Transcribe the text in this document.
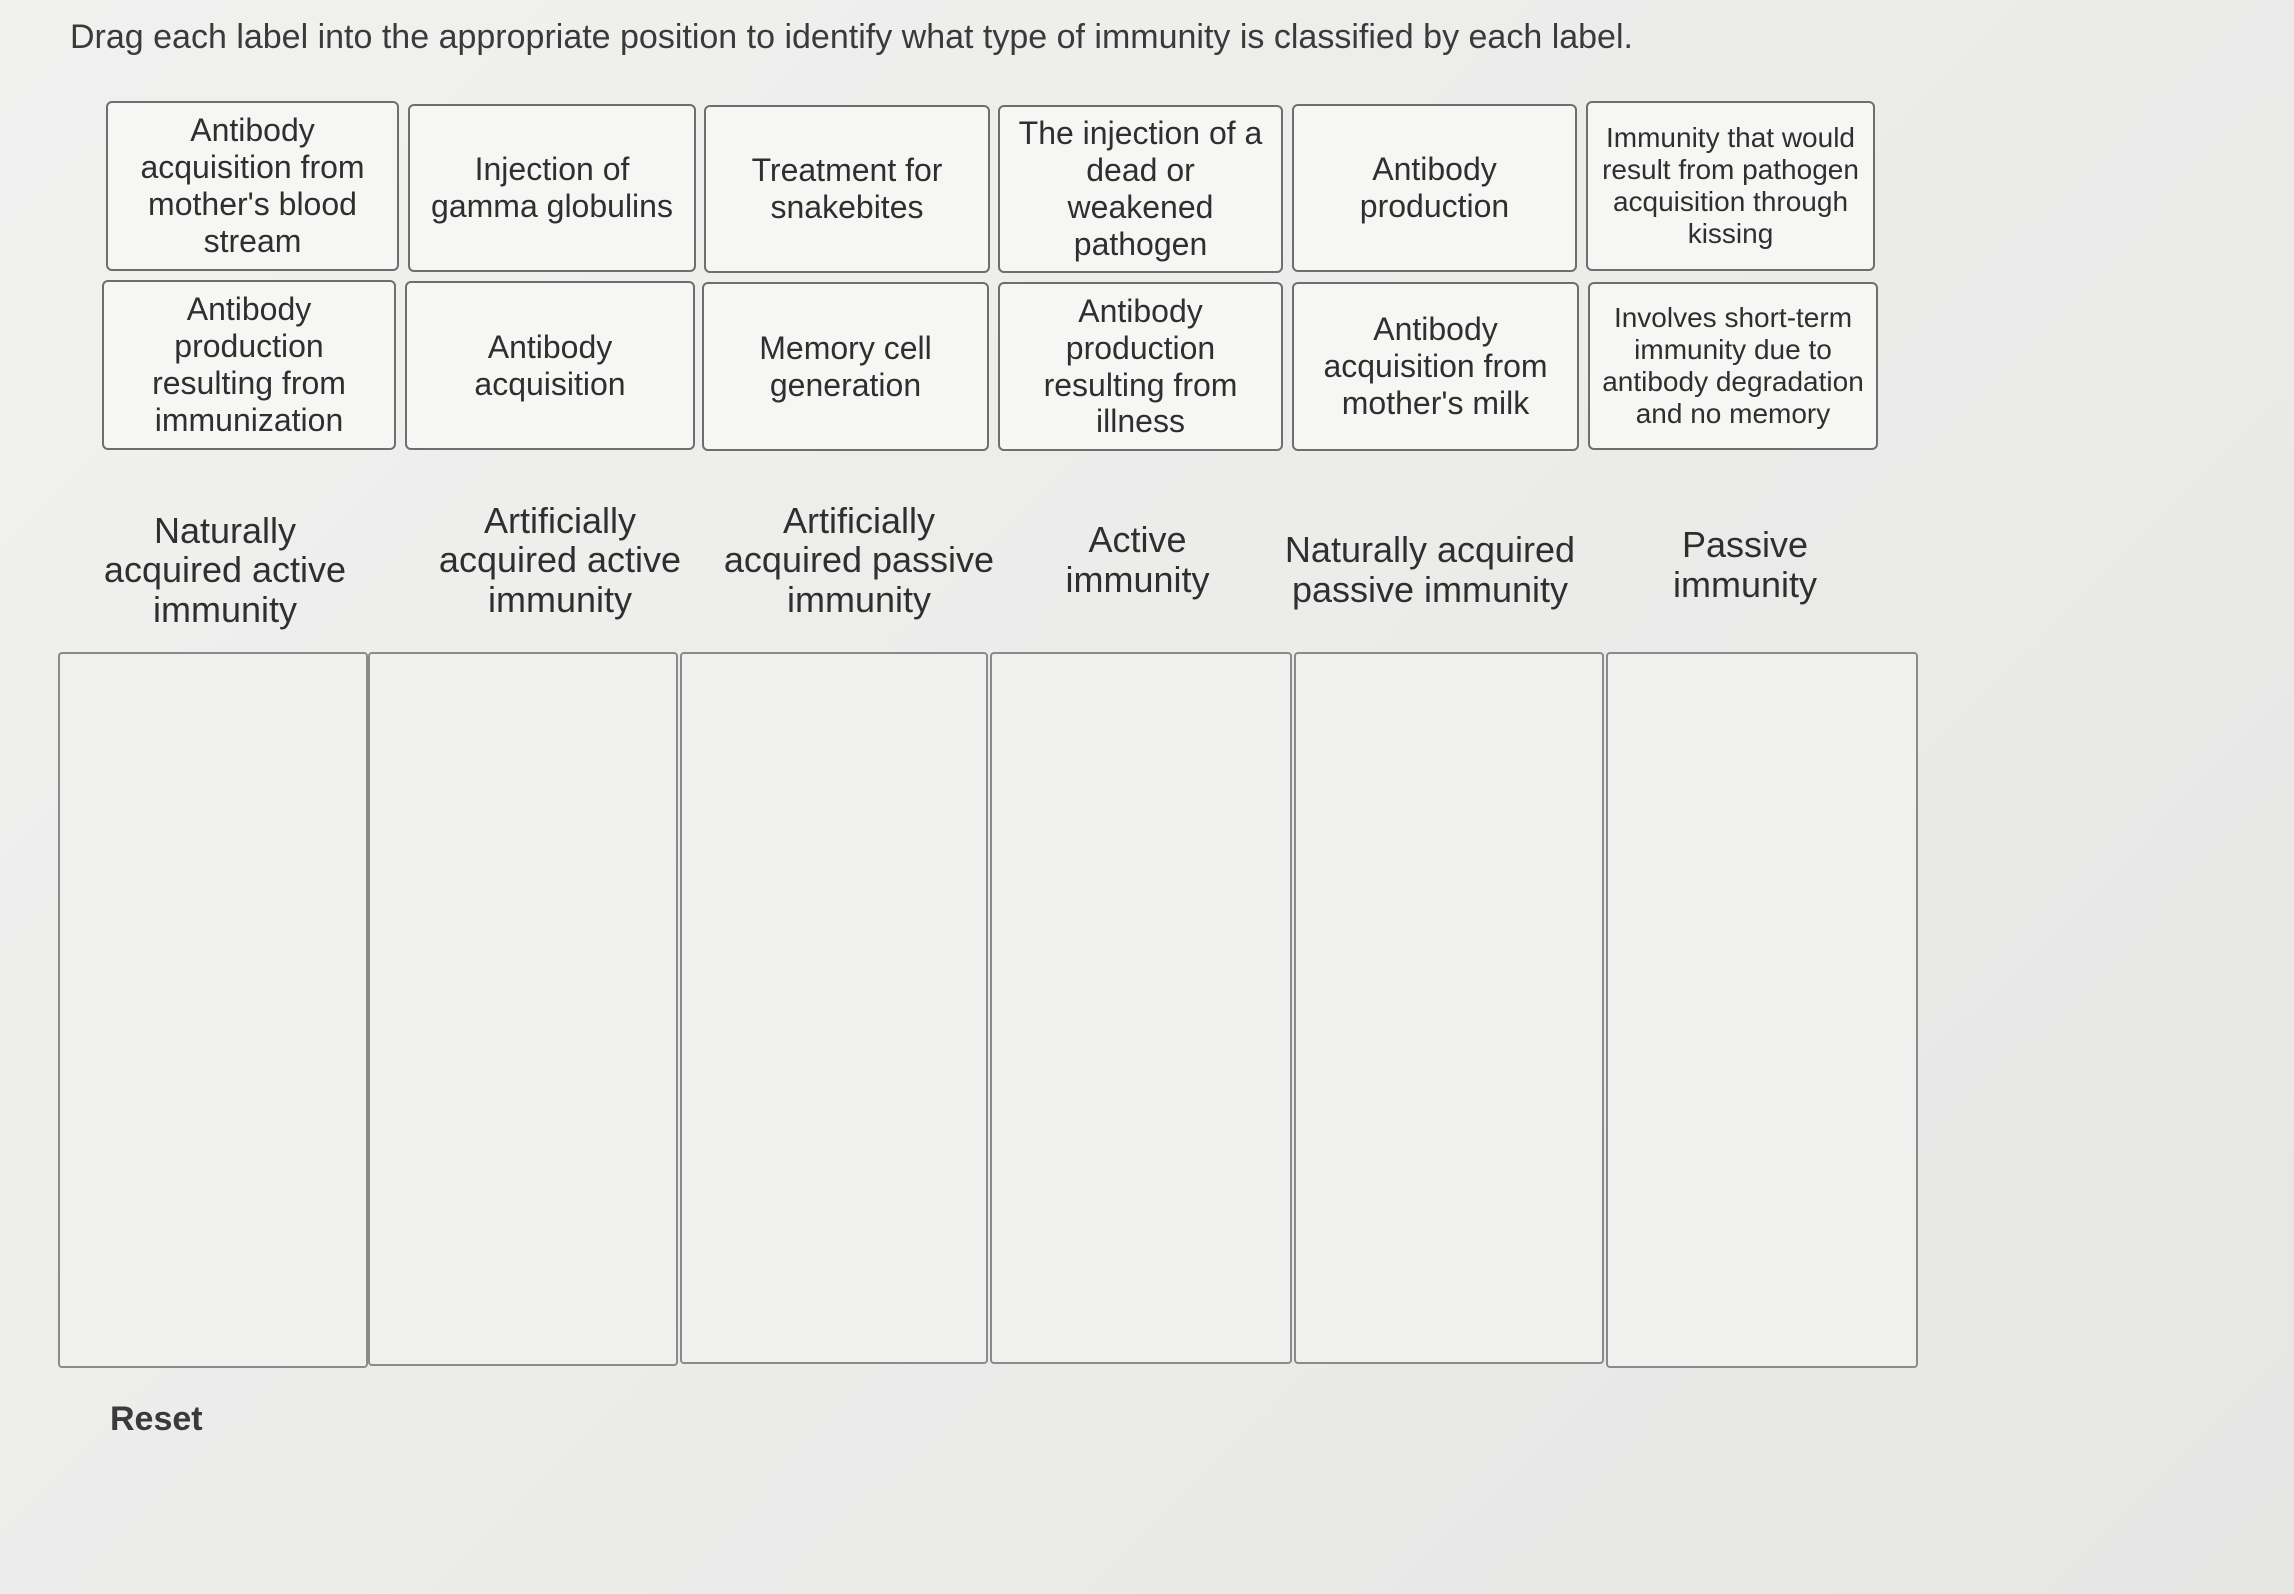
Drag each label into the appropriate position to identify what type of immunity is classified by each label.
Antibody acquisition from mother's blood stream
Injection of gamma globulins
Treatment for snakebites
The injection of a dead or weakened pathogen
Antibody production
Immunity that would result from pathogen acquisition through kissing
Antibody production resulting from immunization
Antibody acquisition
Memory cell generation
Antibody production resulting from illness
Antibody acquisition from mother's milk
Involves short-term immunity due to antibody degradation and no memory
Naturally acquired active immunity
Artificially acquired active immunity
Artificially acquired passive immunity
Active immunity
Naturally acquired passive immunity
Passive immunity
Reset
